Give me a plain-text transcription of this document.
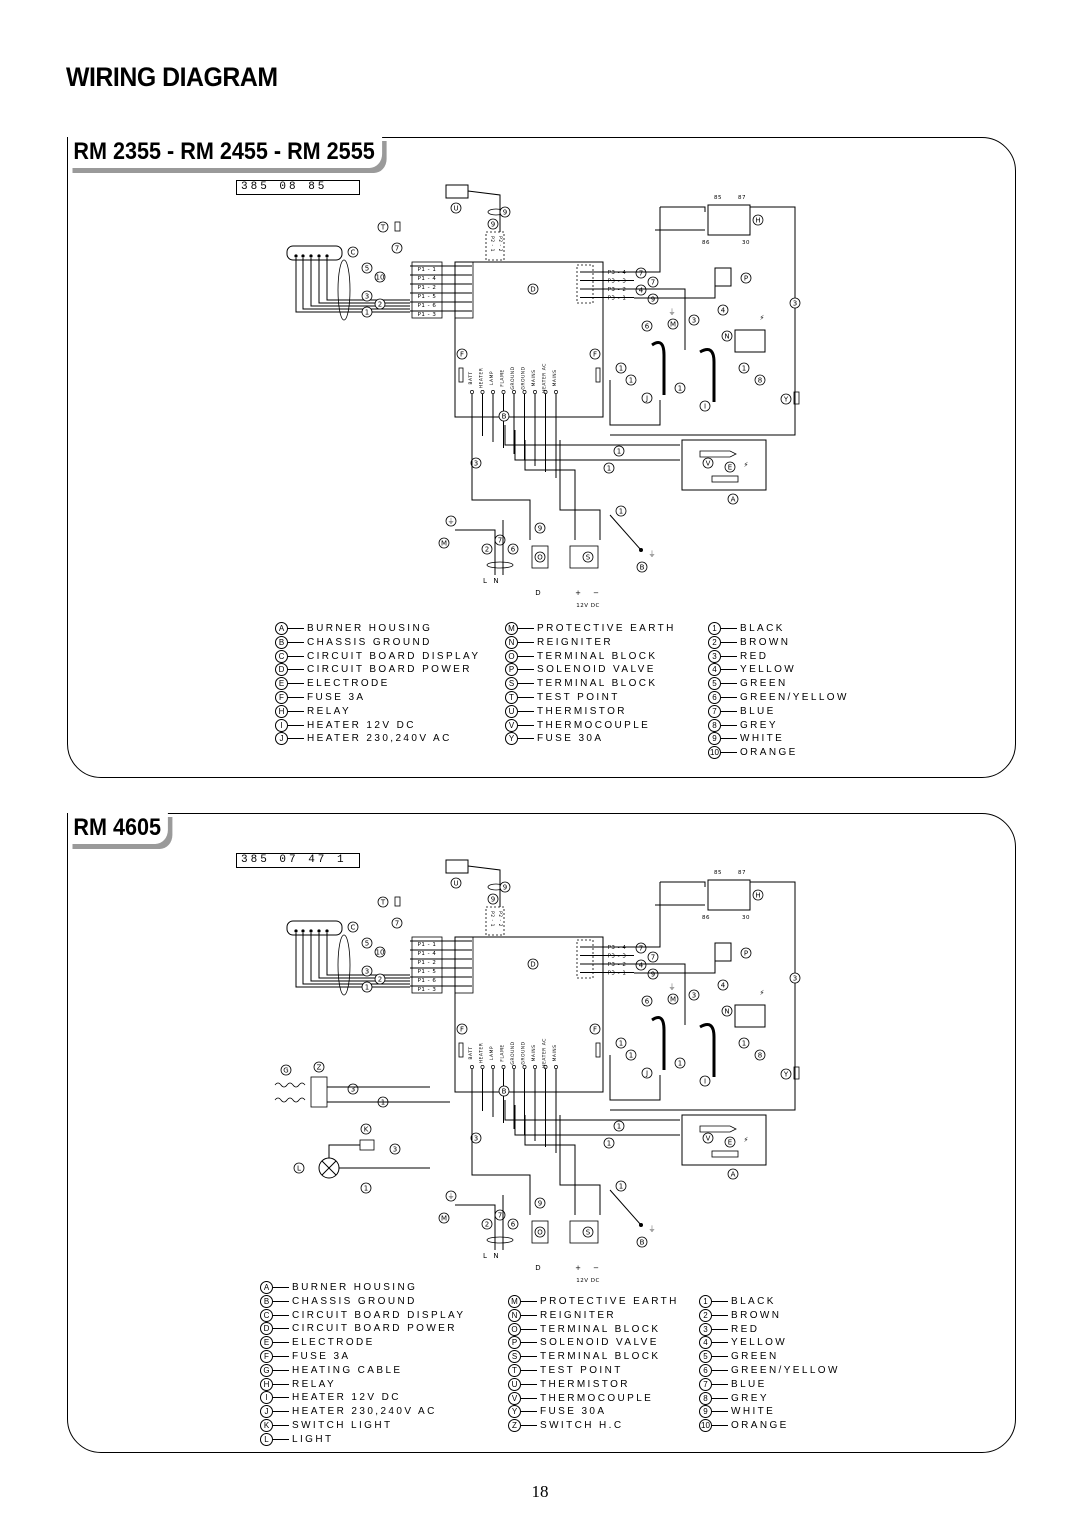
WIRING DIAGRAM
RM 2355 - RM 2455 - RM 2555
385 08 85
RM 4605
385 07 47 1
D
P1 - 1
P1 - 4
P1 - 2
P1 - 5
P1 - 6
P1 - 3
C
5
10
3
2
1
T
7
U	9
9
P2 - 1 P2 - 2
P3 - 4
P3 - 3
P3 - 2
P3 - 1
7
7
4
9
85	87
86	30
H
P
N
⚡
4
3
3
1
8
J
I
1
1
1
6	M
⏚
F	F
BATT HEATER LAMP FLAME GROUND GROUND MAINS HEATER AC MAINS
Y
A
V E ⚡
1
1
1
B
3
⏚
M
2
7
6
9
O	S
B
⏚
L N
D	+ −
12V DC
D
P1 - 1
P1 - 4
P1 - 2
P1 - 5
P1 - 6
P1 - 3
C
5
10
3
2
1
T
7
U	9
9
P2 - 1 P2 - 2
P3 - 4
P3 - 3
P3 - 2
P3 - 1
7
7
4
9
85	87
86	30
H
P
N
⚡
4
3
3
1
8
J
I
1
1
1
6	M
⏚
F	F
BATT HEATER LAMP FLAME GROUND GROUND MAINS HEATER AC MAINS
Y
A
V E ⚡
1
1
1
B
3
⏚
M
2
7
6
9
O	S
B
⏚
L N
D	+ −
12V DC
G	Z
3
1
K
3
L
1
A BURNER HOUSING
B CHASSIS GROUND
C CIRCUIT BOARD DISPLAY
D CIRCUIT BOARD POWER
E ELECTRODE
F FUSE 3A
H RELAY
I HEATER 12V DC
J HEATER 230,240V AC
M PROTECTIVE EARTH
N REIGNITER
O TERMINAL BLOCK
P SOLENOID VALVE
S TERMINAL BLOCK
T TEST POINT
U THERMISTOR
V THERMOCOUPLE
Y FUSE 30A
1 BLACK
2 BROWN
3 RED
4 YELLOW
5 GREEN
6 GREEN/YELLOW
7 BLUE
8 GREY
9 WHITE
10 ORANGE
A BURNER HOUSING
B CHASSIS GROUND
C CIRCUIT BOARD DISPLAY
D CIRCUIT BOARD POWER
E ELECTRODE
F FUSE 3A
G HEATING CABLE
H RELAY
I HEATER 12V DC
J HEATER 230,240V AC
K SWITCH LIGHT
L LIGHT
M PROTECTIVE EARTH
N REIGNITER
O TERMINAL BLOCK
P SOLENOID VALVE
S TERMINAL BLOCK
T TEST POINT
U THERMISTOR
V THERMOCOUPLE
Y FUSE 30A
Z SWITCH H.C
1 BLACK
2 BROWN
3 RED
4 YELLOW
5 GREEN
6 GREEN/YELLOW
7 BLUE
8 GREY
9 WHITE
10 ORANGE
18
